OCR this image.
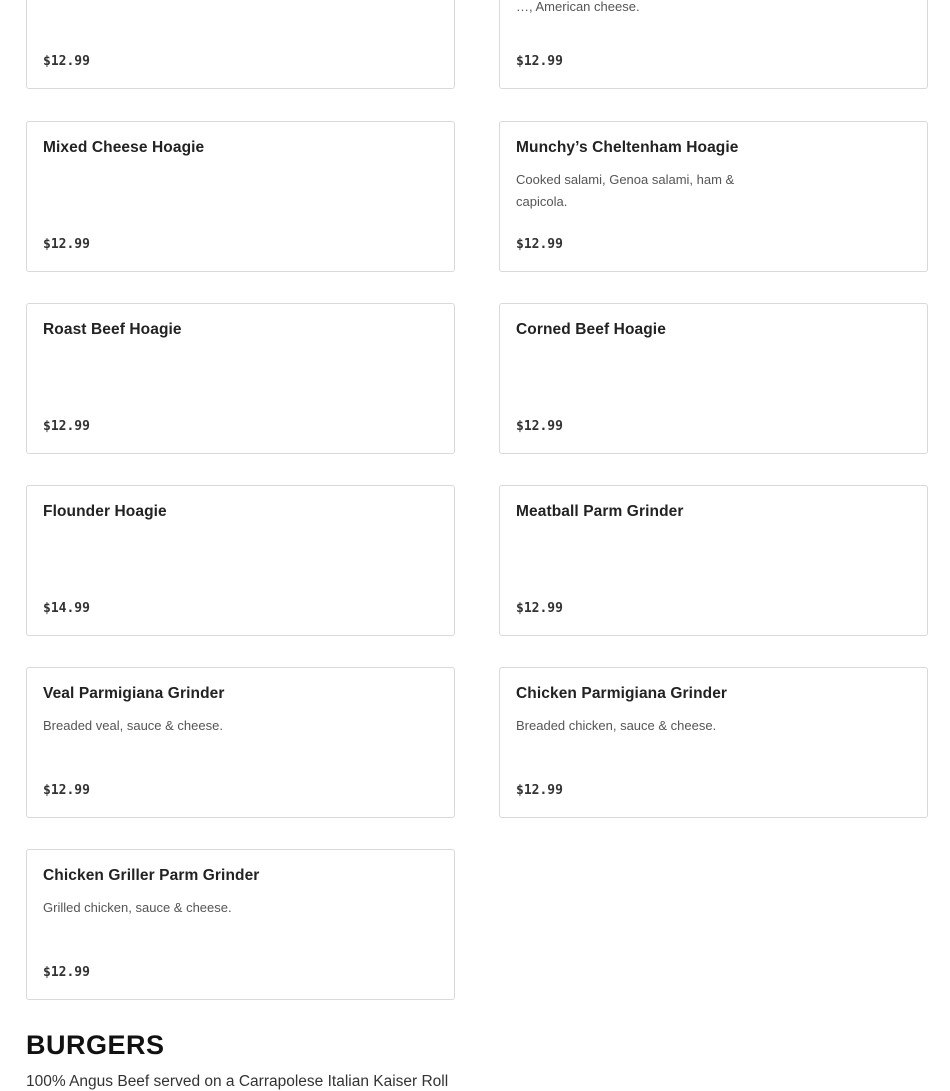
$12.99
…, American cheese.
$12.99
Mixed Cheese Hoagie
$12.99
Munchy’s Cheltenham Hoagie
Cooked salami, Genoa salami, ham & capicola.
$12.99
Roast Beef Hoagie
$12.99
Corned Beef Hoagie
$12.99
Flounder Hoagie
$14.99
Meatball Parm Grinder
$12.99
Veal Parmigiana Grinder
Breaded veal, sauce & cheese.
$12.99
Chicken Parmigiana Grinder
Breaded chicken, sauce & cheese.
$12.99
Chicken Griller Parm Grinder
Grilled chicken, sauce & cheese.
$12.99
BURGERS
100% Angus Beef served on a Carrapolese Italian Kaiser Roll
